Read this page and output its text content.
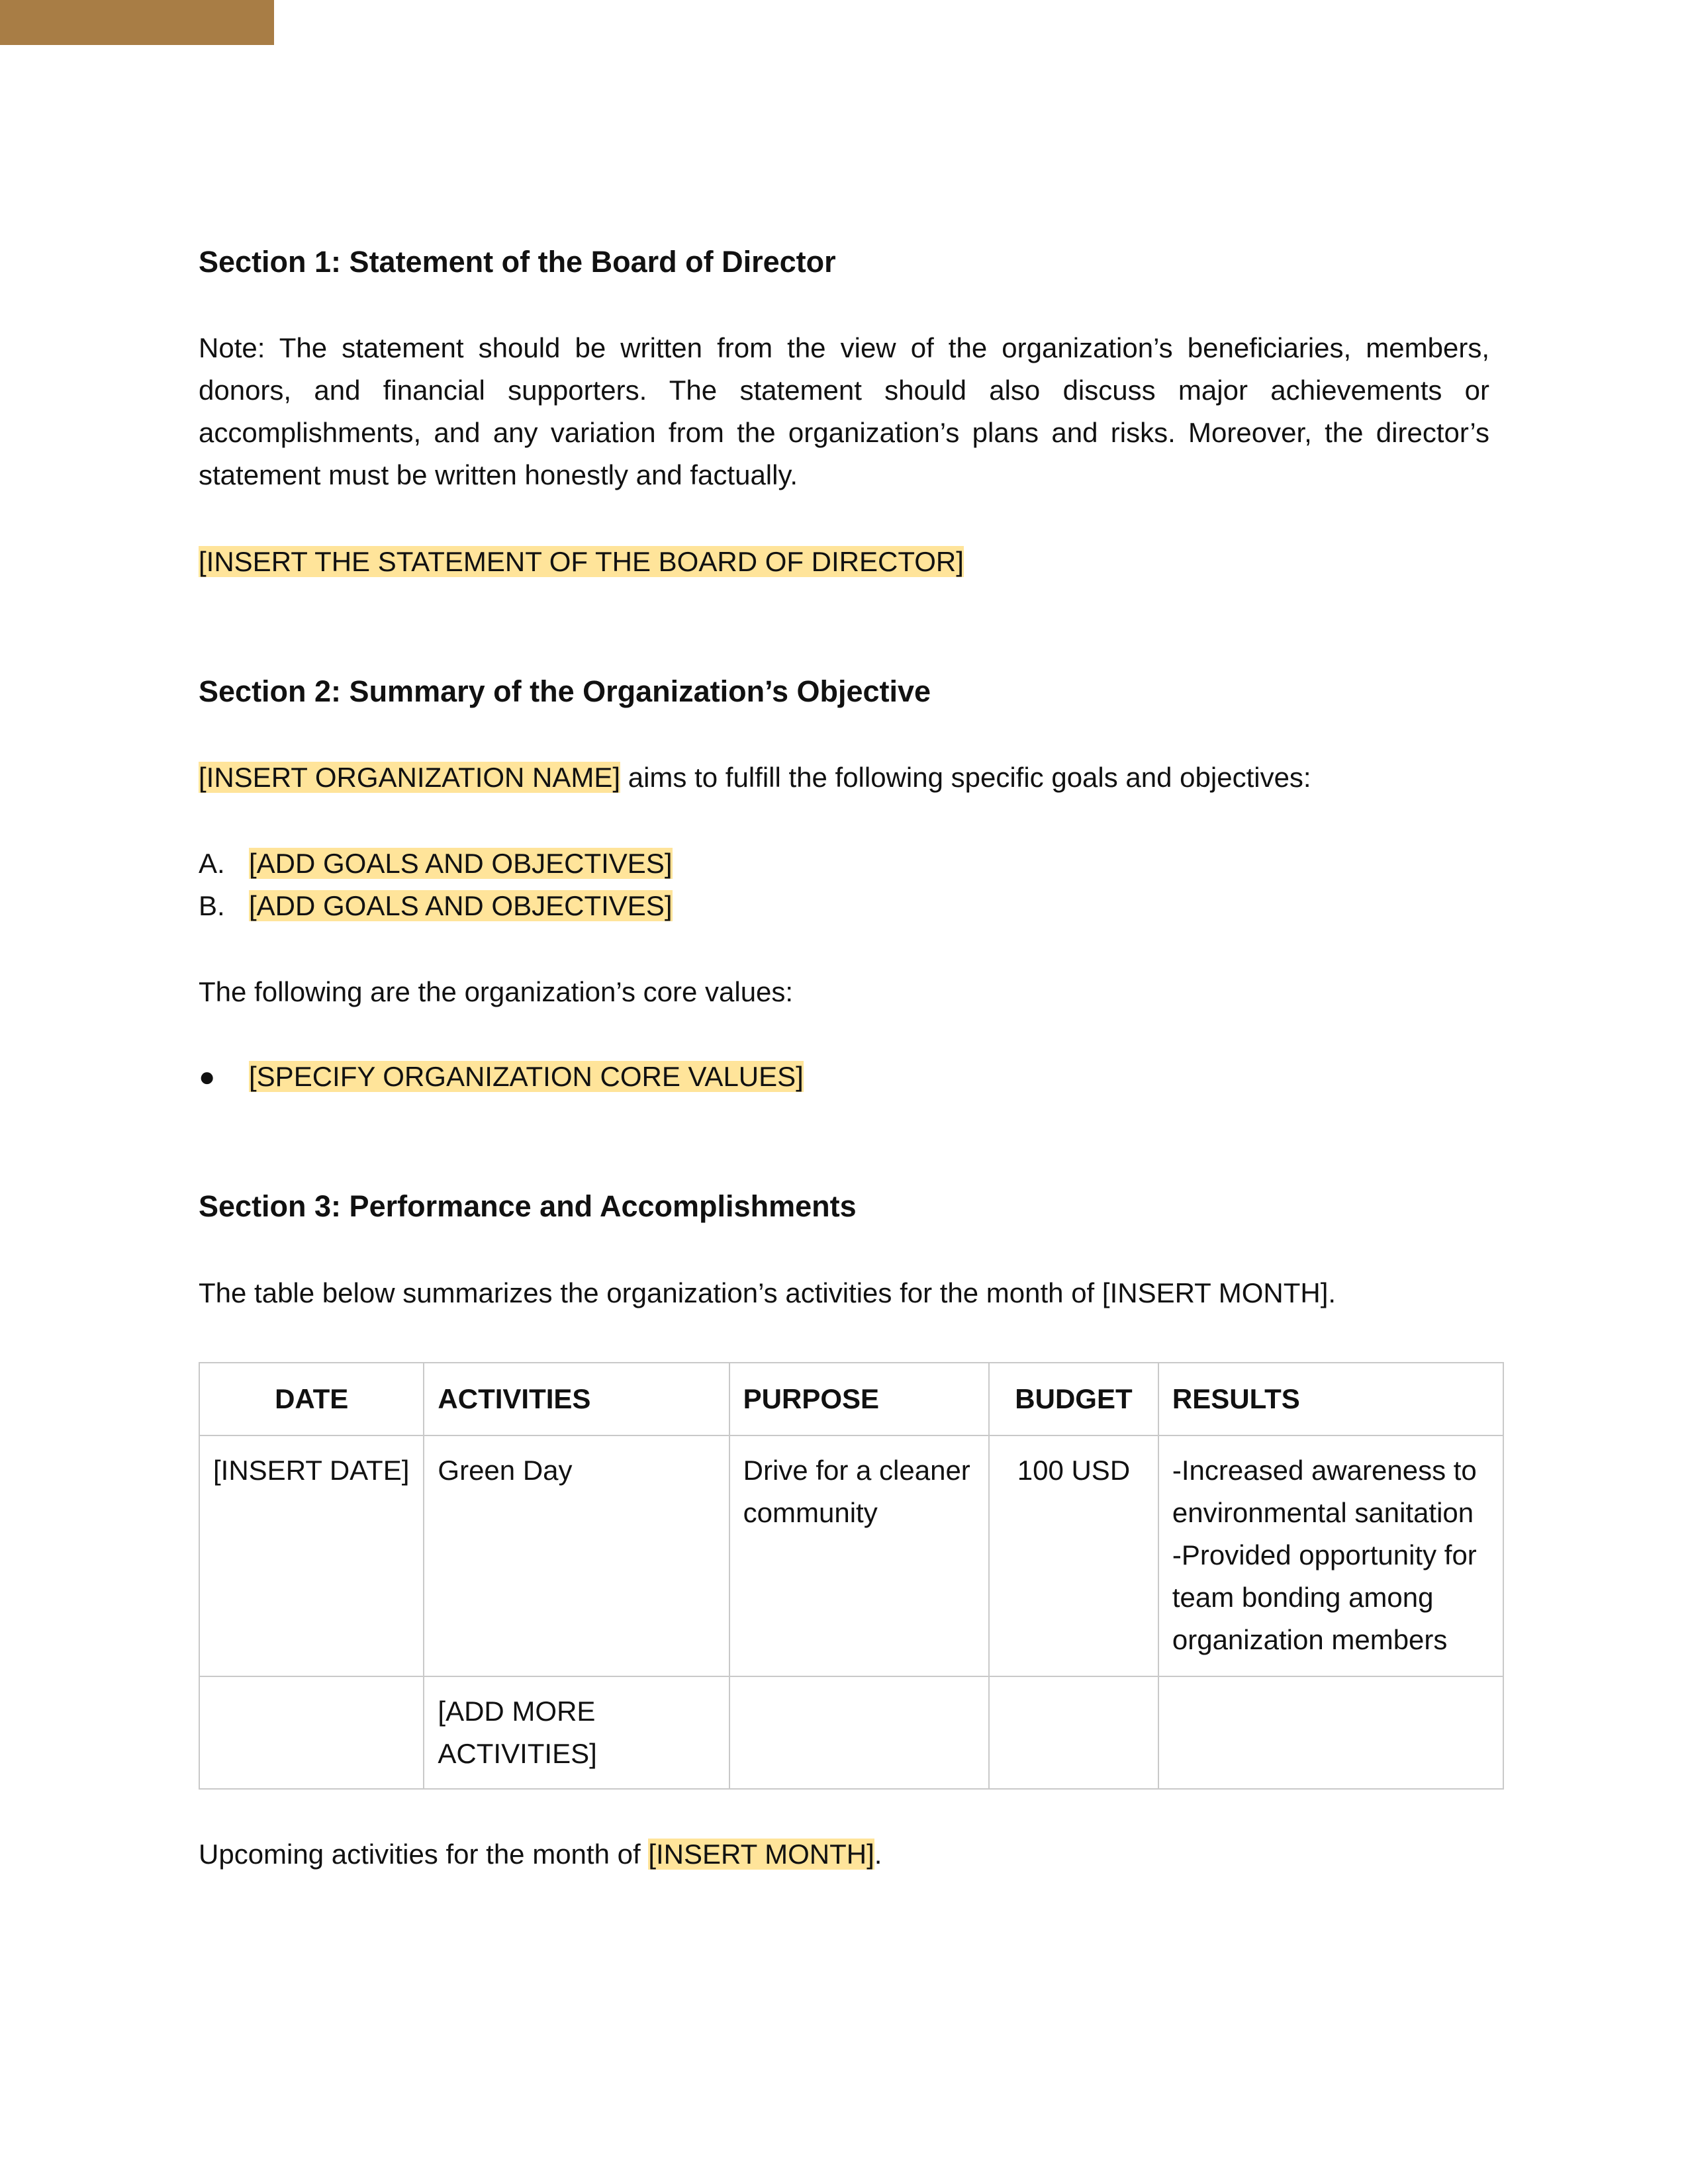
Section 1: Statement of the Board of Director

Note: The statement should be written from the view of the organization’s beneficiaries, members, donors, and financial supporters. The statement should also discuss major achievements or accomplishments, and any variation from the organization’s plans and risks. Moreover, the director’s statement must be written honestly and factually.

[INSERT THE STATEMENT OF THE BOARD OF DIRECTOR]

Section 2: Summary of the Organization’s Objective

[INSERT ORGANIZATION NAME] aims to fulfill the following specific goals and objectives:

A. [ADD GOALS AND OBJECTIVES]

B. [ADD GOALS AND OBJECTIVES]

The following are the organization’s core values:

● [SPECIFY ORGANIZATION CORE VALUES]

Section 3: Performance and Accomplishments

The table below summarizes the organization’s activities for the month of [INSERT MONTH].

DATE	ACTIVITIES	PURPOSE	BUDGET	RESULTS
[INSERT DATE]	Green Day	Drive for a cleaner community	100 USD	-Increased awareness to environmental sanitation
-Provided opportunity for team bonding among organization members

	[ADD MORE ACTIVITIES]			

Upcoming activities for the month of [INSERT MONTH].
